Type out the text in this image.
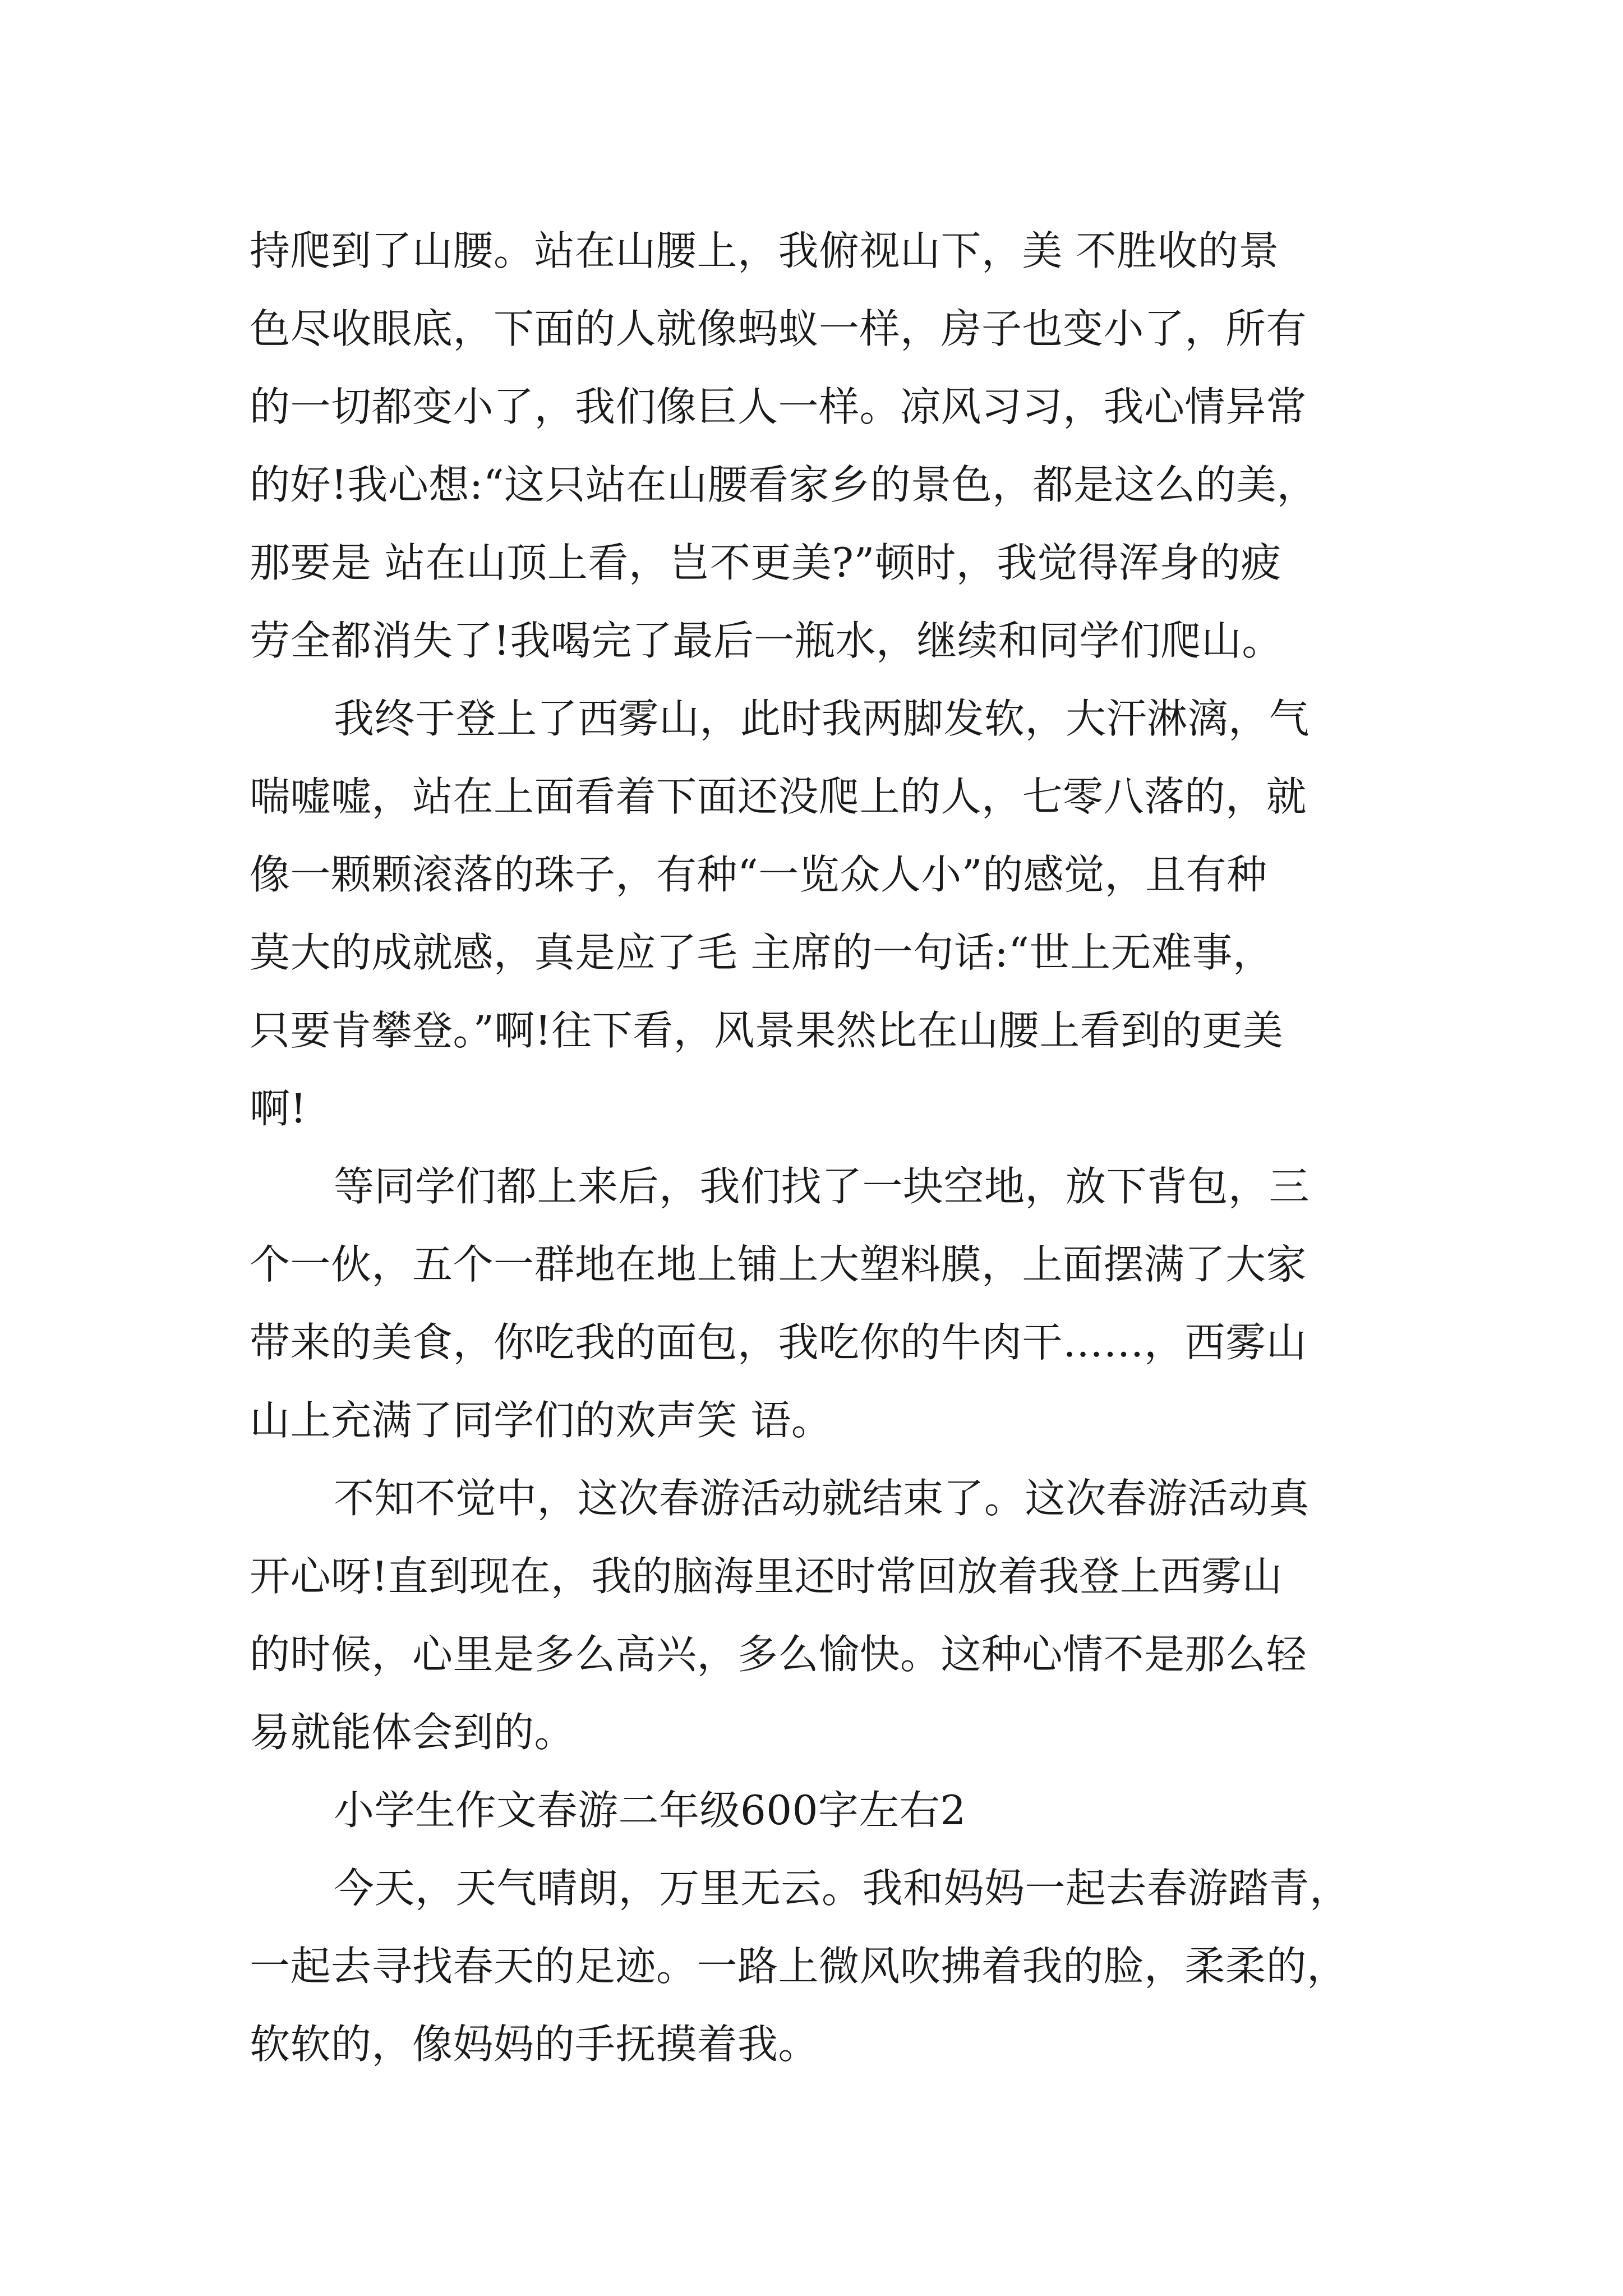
持爬到了山腰。站在山腰上，我俯视山下，美 不胜收的景
色尽收眼底，下面的人就像蚂蚁一样，房子也变小了，所有
的一切都变小了，我们像巨人一样。凉风习习，我心情异常
的好!我心想:“这只站在山腰看家乡的景色，都是这么的美，
那要是 站在山顶上看，岂不更美?”顿时，我觉得浑身的疲
劳全都消失了!我喝完了最后一瓶水，继续和同学们爬山。
我终于登上了西雾山，此时我两脚发软，大汗淋漓，气
喘嘘嘘，站在上面看着下面还没爬上的人，七零八落的，就
像一颗颗滚落的珠子，有种“一览众人小”的感觉，且有种
莫大的成就感，真是应了毛 主席的一句话:“世上无难事，
只要肯攀登。”啊!往下看，风景果然比在山腰上看到的更美
啊!
等同学们都上来后，我们找了一块空地，放下背包，三
个一伙，五个一群地在地上铺上大塑料膜，上面摆满了大家
带来的美食，你吃我的面包，我吃你的牛肉干……，西雾山
山上充满了同学们的欢声笑 语。
不知不觉中，这次春游活动就结束了。这次春游活动真
开心呀!直到现在，我的脑海里还时常回放着我登上西雾山
的时候，心里是多么高兴，多么愉快。这种心情不是那么轻
易就能体会到的。
小学生作文春游二年级600字左右2
今天，天气晴朗，万里无云。我和妈妈一起去春游踏青，
一起去寻找春天的足迹。一路上微风吹拂着我的脸，柔柔的，
软软的，像妈妈的手抚摸着我。
